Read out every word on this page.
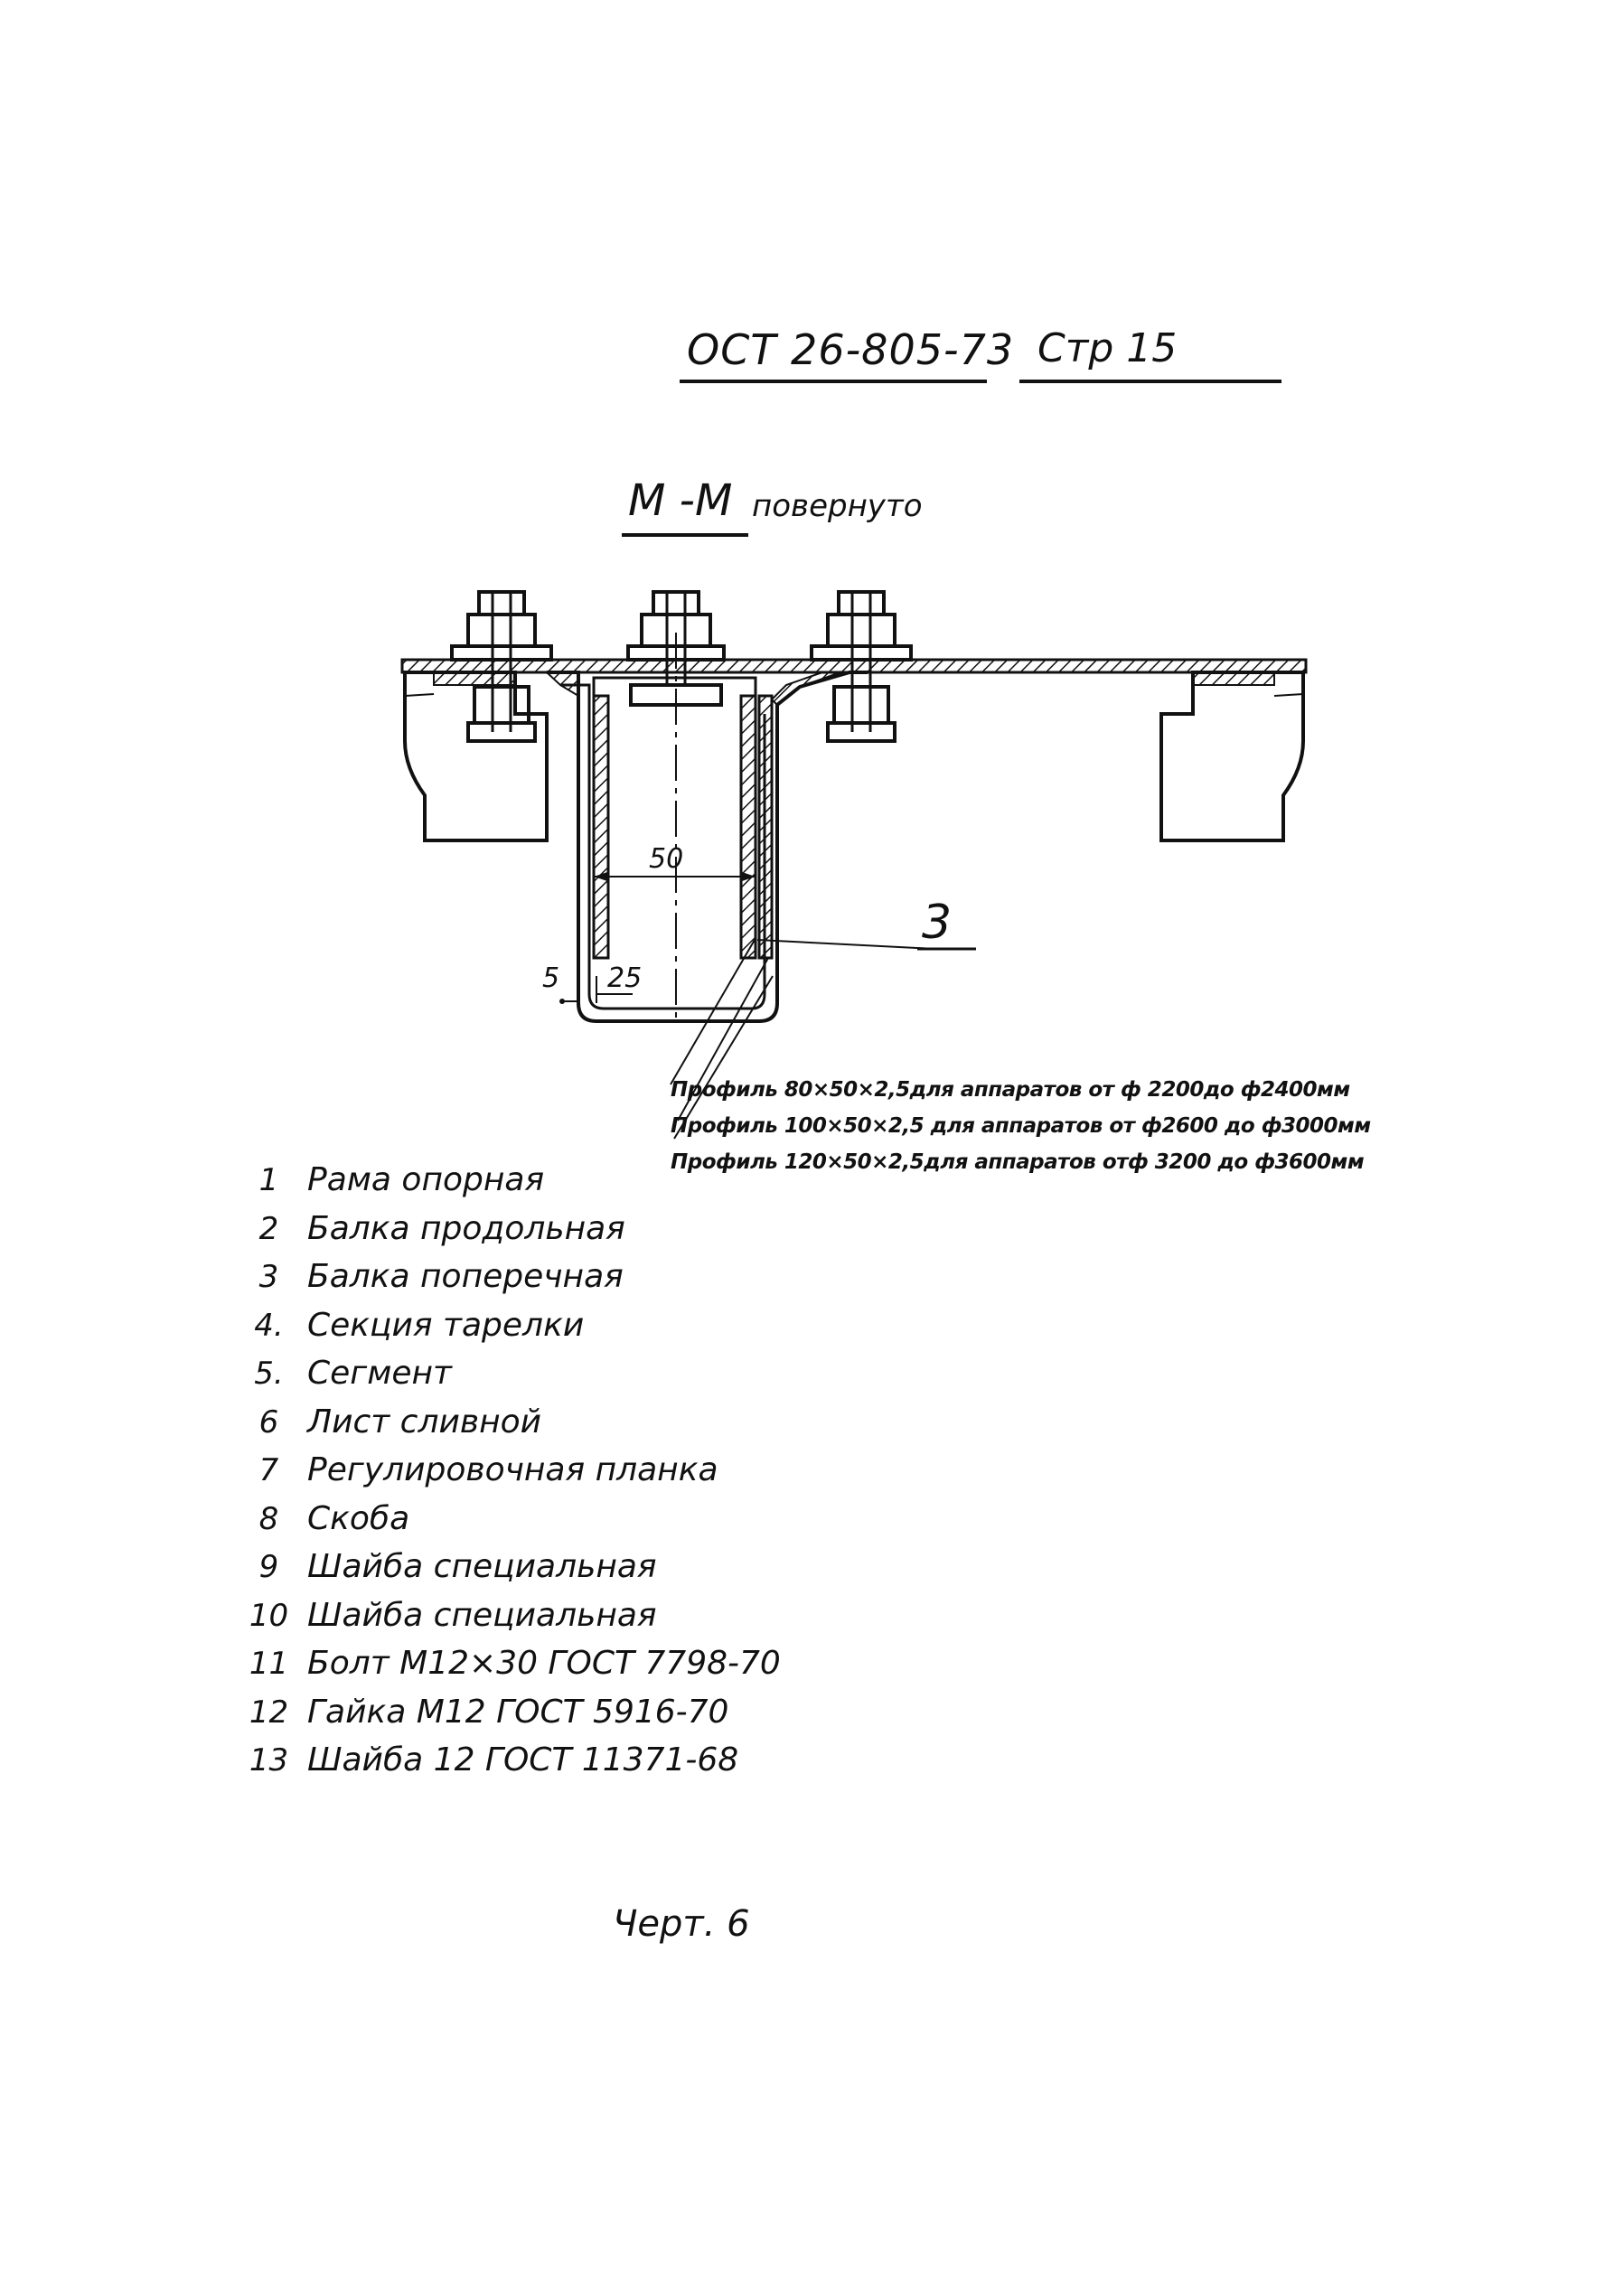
ОСТ 26-805-73 Стр 15
М -М повернуто
50
25
5
3
Профиль 80×50×2,5для аппаратов от ф 2200до ф2400мм
Профиль 100×50×2,5 для аппаратов от ф2600 до ф3000мм
Профиль 120×50×2,5для аппаратов отф 3200 до ф3600мм
1 Рама опорная
2 Балка продольная
3 Балка поперечная
4. Секция тарелки
5. Сегмент
6 Лист сливной
7 Регулировочная планка
8 Скоба
9 Шайба специальная
10 Шайба специальная
11 Болт М12×30 ГОСТ 7798-70
12 Гайка М12 ГОСТ 5916-70
13 Шайба 12 ГОСТ 11371-68
Черт. 6
